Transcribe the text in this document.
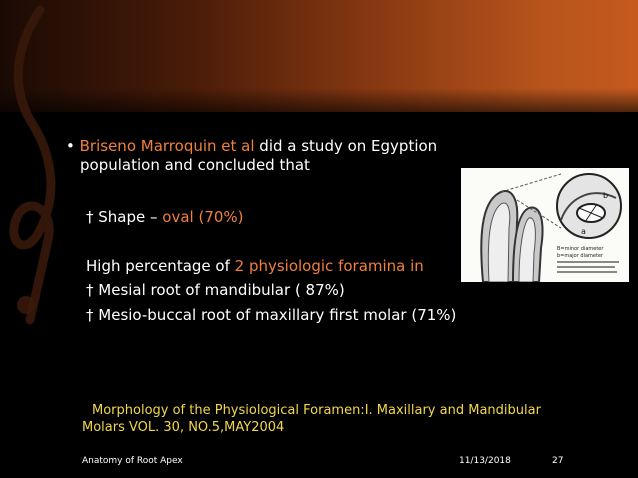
• Briseno Marroquin et al did a study on Egyption
population and concluded that
† Shape – oval (70%)
High percentage of 2 physiologic foramina in
† Mesial root of mandibular ( 87%)
† Mesio-buccal root of maxillary first molar (71%)
b
a
B=minor diameter
b=major diameter
Morphology of the Physiological Foramen:I. Maxillary and Mandibular
Molars VOL. 30, NO.5,MAY2004
Anatomy of Root Apex	11/13/2018	27
